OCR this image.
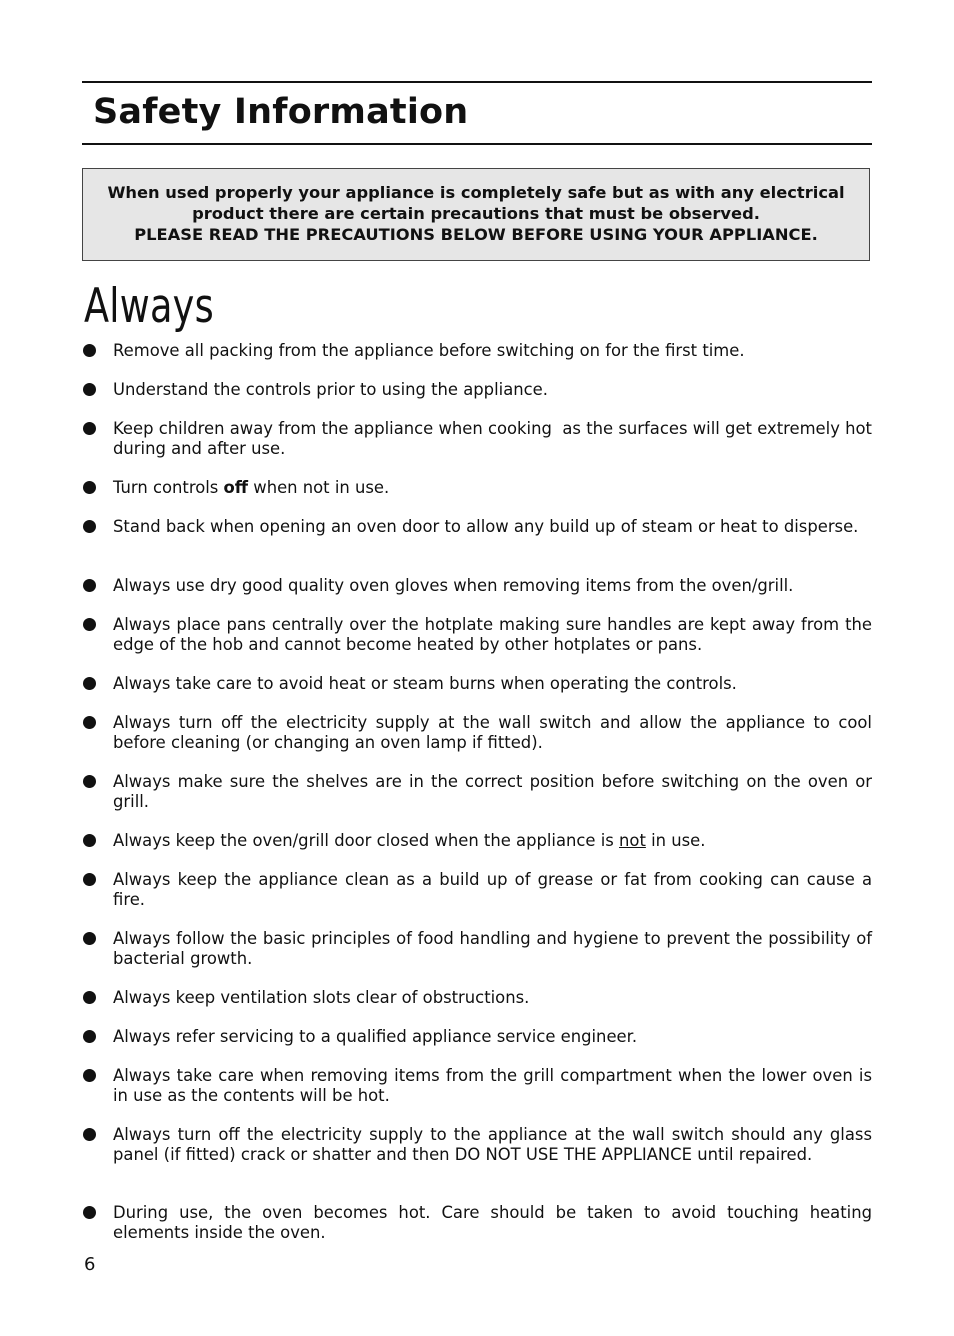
Safety Information

When used properly your appliance is completely safe but as with any electrical

product there are certain precautions that must be observed.

PLEASE READ THE PRECAUTIONS BELOW BEFORE USING YOUR APPLIANCE.

Always
Remove all packing from the appliance before switching on for the first time.
Understand the controls prior to using the appliance.
Keep children away from the appliance when cooking  as the surfaces will get extremely hot during and after use.
Turn controls off when not in use.
Stand back when opening an oven door to allow any build up of steam or heat to disperse.
Always use dry good quality oven gloves when removing items from the oven/grill.
Always place pans centrally over the hotplate making sure handles are kept away from the edge of the hob and cannot become heated by other hotplates or pans.
Always take care to avoid heat or steam burns when operating the controls.
Always turn off the electricity supply at the wall switch and allow the appliance to cool before cleaning (or changing an oven lamp if fitted).
Always make sure the shelves are in the correct position before switching on the oven or grill.
Always keep the oven/grill door closed when the appliance is not in use.
Always keep the appliance clean as a build up of grease or fat from cooking can cause a fire.
Always follow the basic principles of food handling and hygiene to prevent the possibility of bacterial growth.
Always keep ventilation slots clear of obstructions.
Always refer servicing to a qualified appliance service engineer.
Always take care when removing items from the grill compartment when the lower oven is in use as the contents will be hot.
Always turn off the electricity supply to the appliance at the wall switch should any glass panel (if fitted) crack or shatter and then DO NOT USE THE APPLIANCE until repaired.
During use, the oven becomes hot. Care should be taken to avoid touching heating elements inside the oven.
6
